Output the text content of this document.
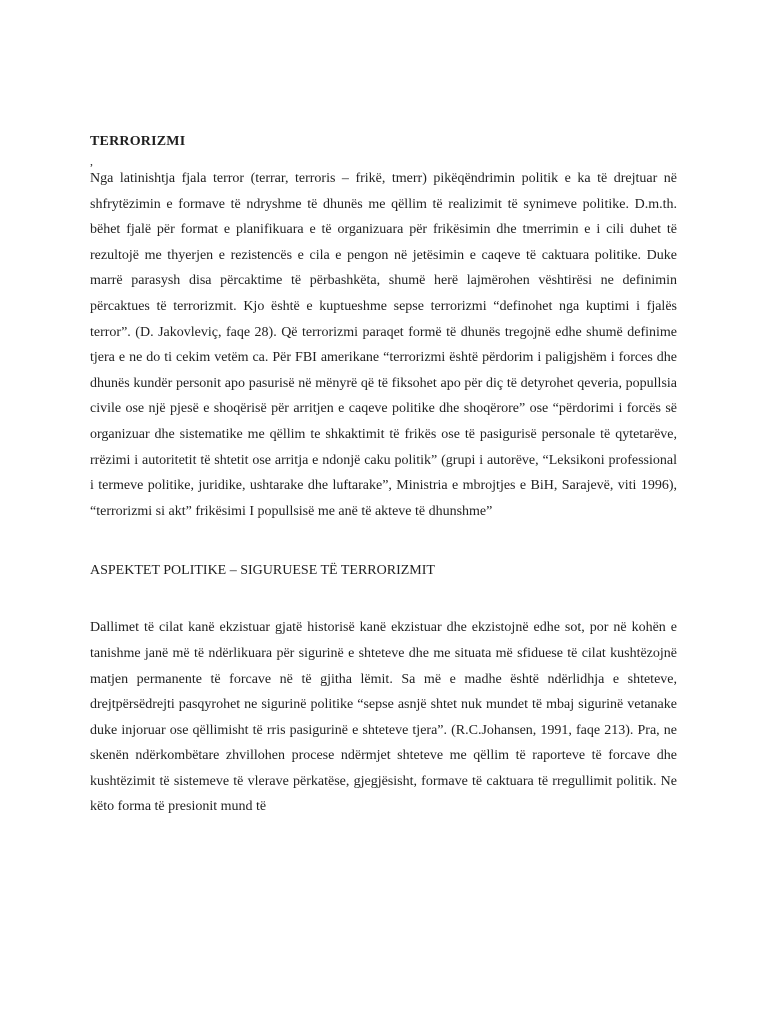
TERRORIZMI
,

Nga latinishtja fjala terror (terrar, terroris – frikë, tmerr) pikëqëndrimin politik e ka të drejtuar në shfrytëzimin e formave të ndryshme të dhunës me qëllim të realizimit të synimeve politike. D.m.th. bëhet fjalë për format e planifikuara e të organizuara për frikësimin dhe tmerrimin e i cili duhet të rezultojë me thyerjen e rezistencës e cila e pengon në jetësimin e caqeve të caktuara politike. Duke marrë parasysh disa përcaktime të përbashkëta, shumë herë lajmërohen vështirësi ne definimin përcaktues të terrorizmit. Kjo është e kuptueshme sepse terrorizmi “definohet nga kuptimi i fjalës terror”. (D. Jakovleviç, faqe 28). Që terrorizmi paraqet formë të dhunës tregojnë edhe shumë definime tjera e ne do ti cekim vetëm ca. Për FBI amerikane “terrorizmi është përdorim i paligjshëm i forces dhe dhunës kundër personit apo pasurisë në mënyrë që të fiksohet apo për diç të detyrohet qeveria, popullsia civile ose një pjesë e shoqërisë për arritjen e caqeve politike dhe shoqërore” ose “përdorimi i forcës së organizuar dhe sistematike me qëllim te shkaktimit të frikës ose të pasigurisë personale të qytetarëve, rrëzimi i autoritetit të shtetit ose arritja e ndonjë caku politik” (grupi i autorëve, “Leksikoni professional i termeve politike, juridike, ushtarake dhe luftarake”, Ministria e mbrojtjes e BiH, Sarajevë, viti 1996), “terrorizmi si akt” frikësimi I popullsisë me anë të akteve të dhunshme”

ASPEKTET POLITIKE – SIGURUESE TË TERRORIZMIT

Dallimet të cilat kanë ekzistuar gjatë historisë kanë ekzistuar dhe ekzistojnë edhe sot, por në kohën e tanishme janë më të ndërlikuara për sigurinë e shteteve dhe me situata më sfiduese të cilat kushtëzojnë matjen permanente të forcave në të gjitha lëmit. Sa më e madhe është ndërlidhja e shteteve, drejtpërsëdrejti pasqyrohet ne sigurinë politike “sepse asnjë shtet nuk mundet të mbaj sigurinë vetanake duke injoruar ose qëllimisht të rris pasigurinë e shteteve tjera”. (R.C.Johansen, 1991, faqe 213). Pra, ne skenën ndërkombëtare zhvillohen procese ndërmjet shteteve me qëllim të raporteve të forcave dhe kushtëzimit të sistemeve të vlerave përkatëse, gjegjësisht, formave të caktuara të rregullimit politik. Ne këto forma të presionit mund të
